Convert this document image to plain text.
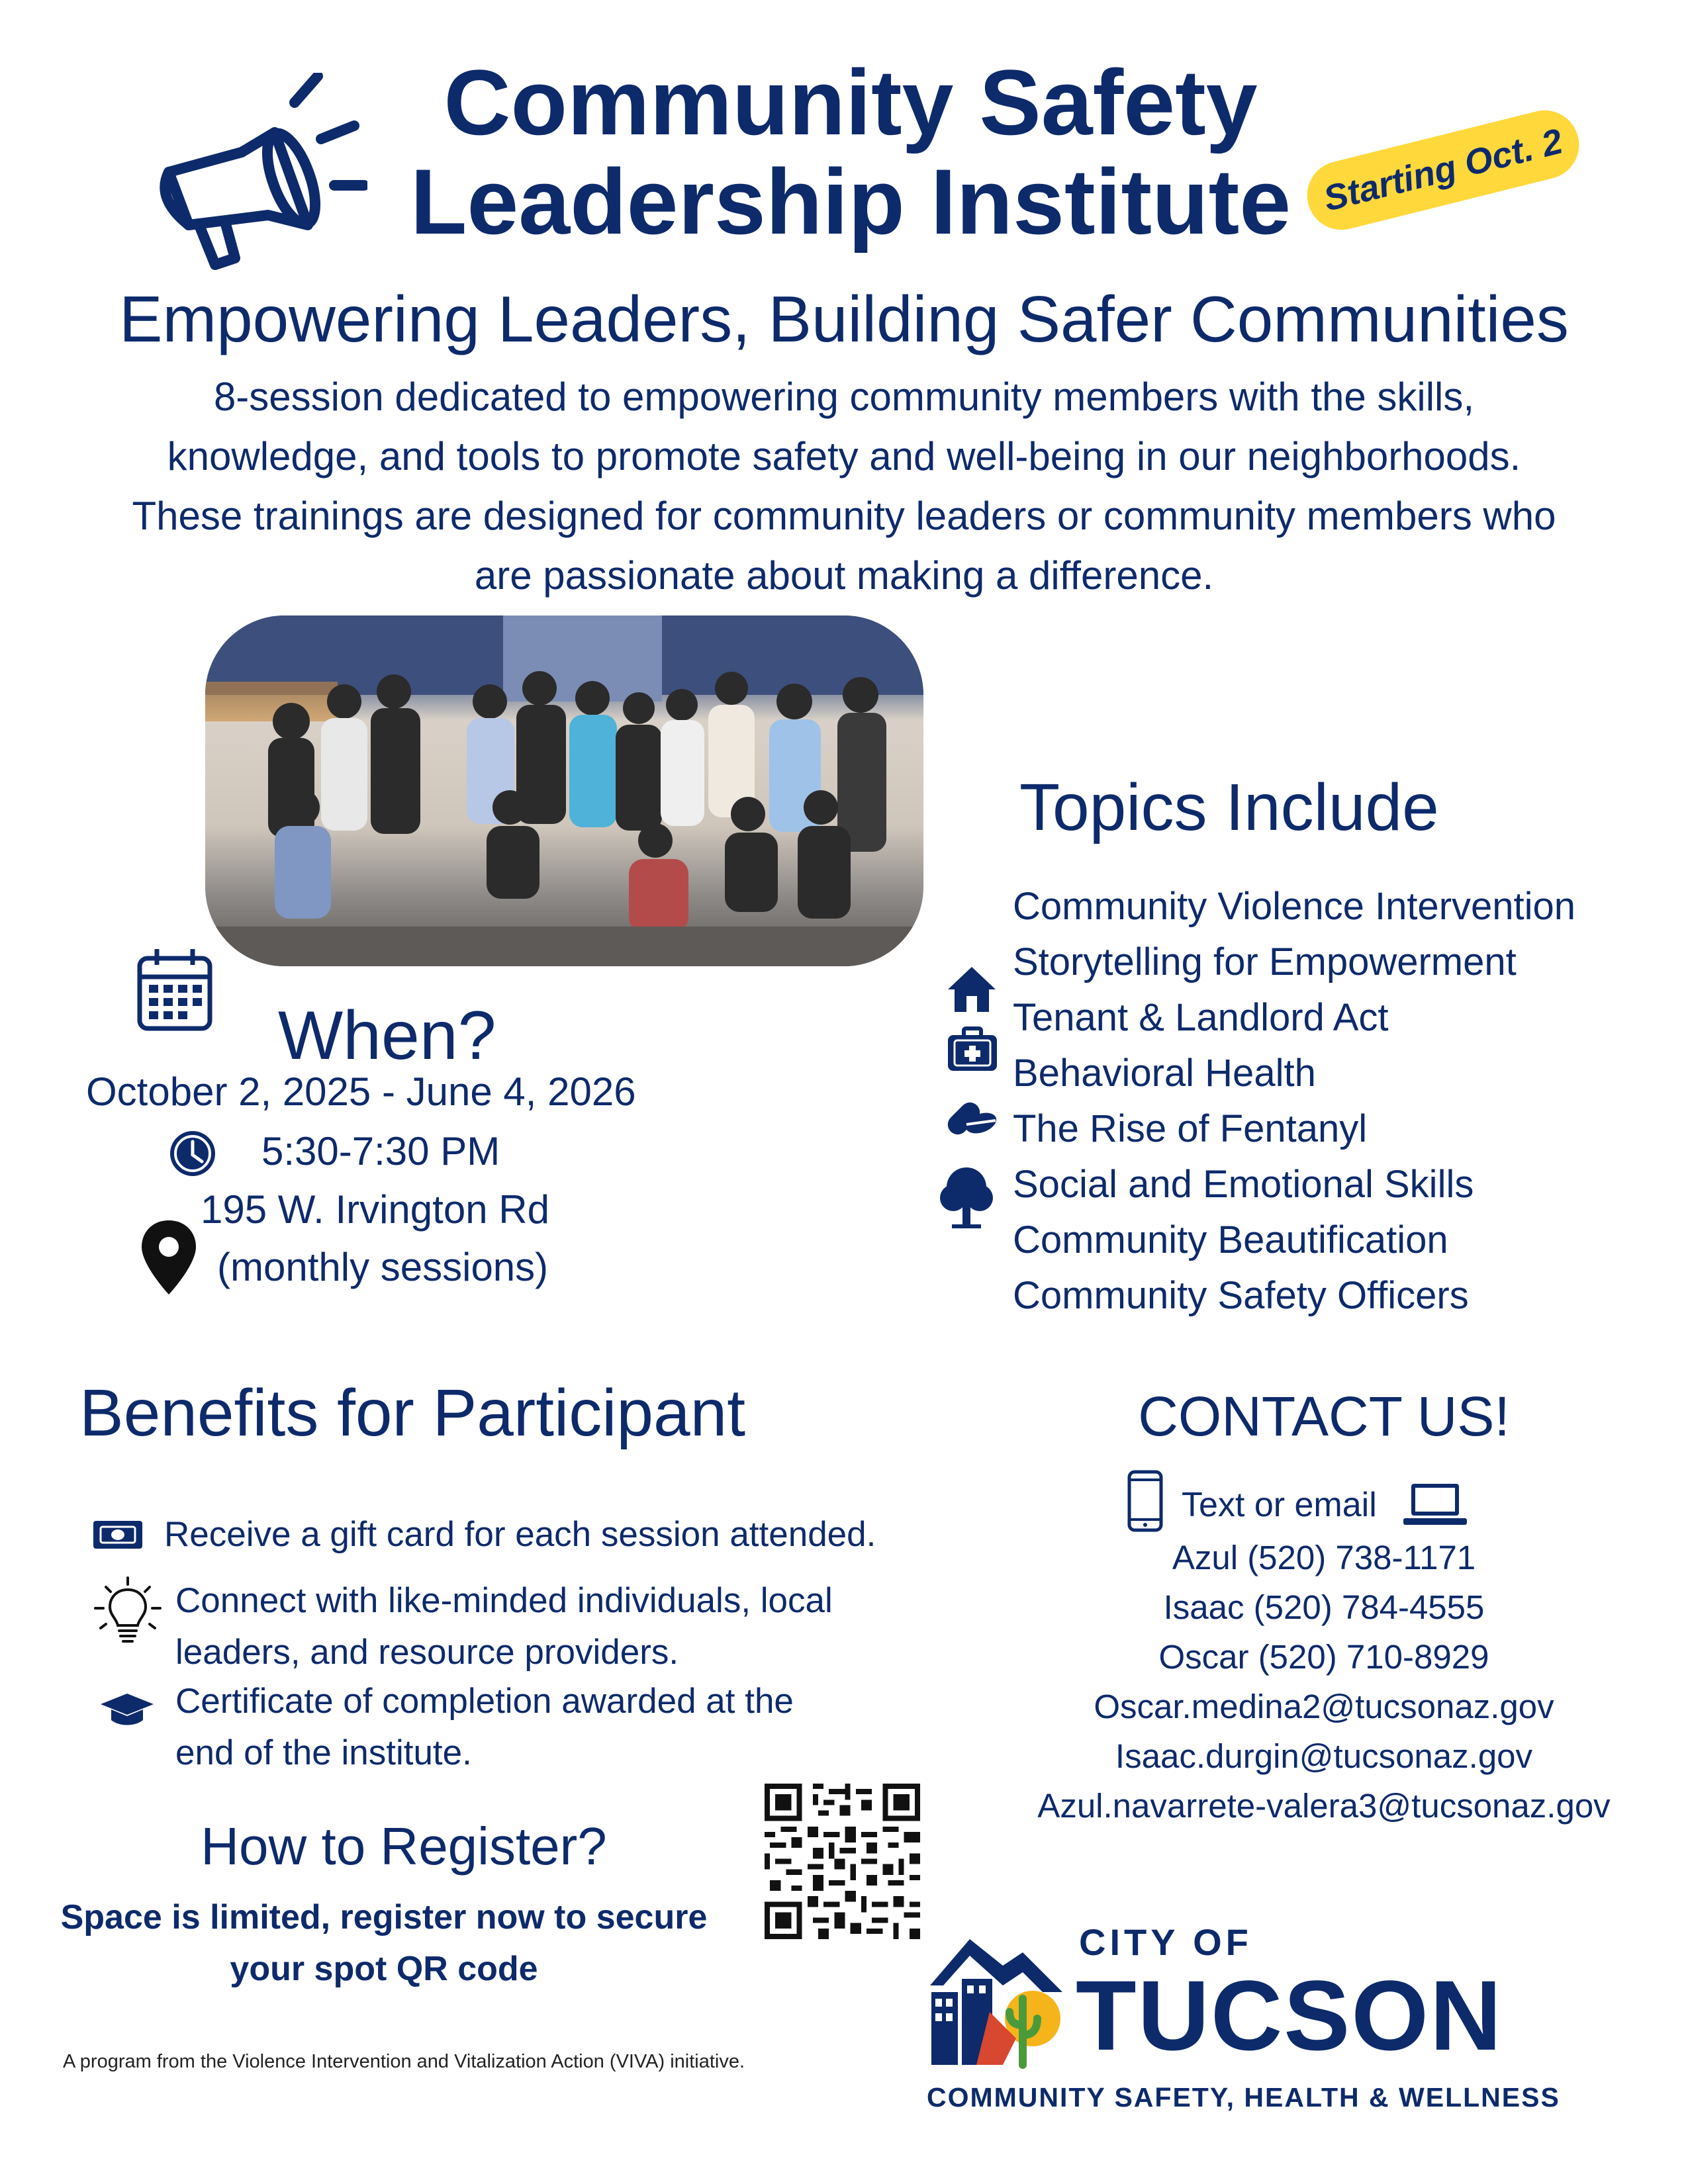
Community Safety
Leadership Institute Starting Oct. 2
Empowering Leaders, Building Safer Communities
8-session dedicated to empowering community members with the skills,
knowledge, and tools to promote safety and well-being in our neighborhoods.
These trainings are designed for community leaders or community members who
are passionate about making a difference.
When?
October 2, 2025 - June 4, 2026
5:30-7:30 PM
195 W. Irvington Rd
(monthly sessions)
Topics Include
Community Violence Intervention
Storytelling for Empowerment
Tenant & Landlord Act
Behavioral Health
The Rise of Fentanyl
Social and Emotional Skills
Community Beautification
Community Safety Officers
Benefits for Participant
Receive a gift card for each session attended.
Connect with like-minded individuals, local
leaders, and resource providers.
Certificate of completion awarded at the
end of the institute.
CONTACT US!
Text or email
Azul (520) 738-1171
Isaac (520) 784-4555
Oscar (520) 710-8929
Oscar.medina2@tucsonaz.gov
Isaac.durgin@tucsonaz.gov
Azul.navarrete-valera3@tucsonaz.gov
How to Register?
Space is limited, register now to secure
your spot QR code
CITY OF
TUCSON
COMMUNITY SAFETY, HEALTH & WELLNESS
A program from the Violence Intervention and Vitalization Action (VIVA) initiative.
